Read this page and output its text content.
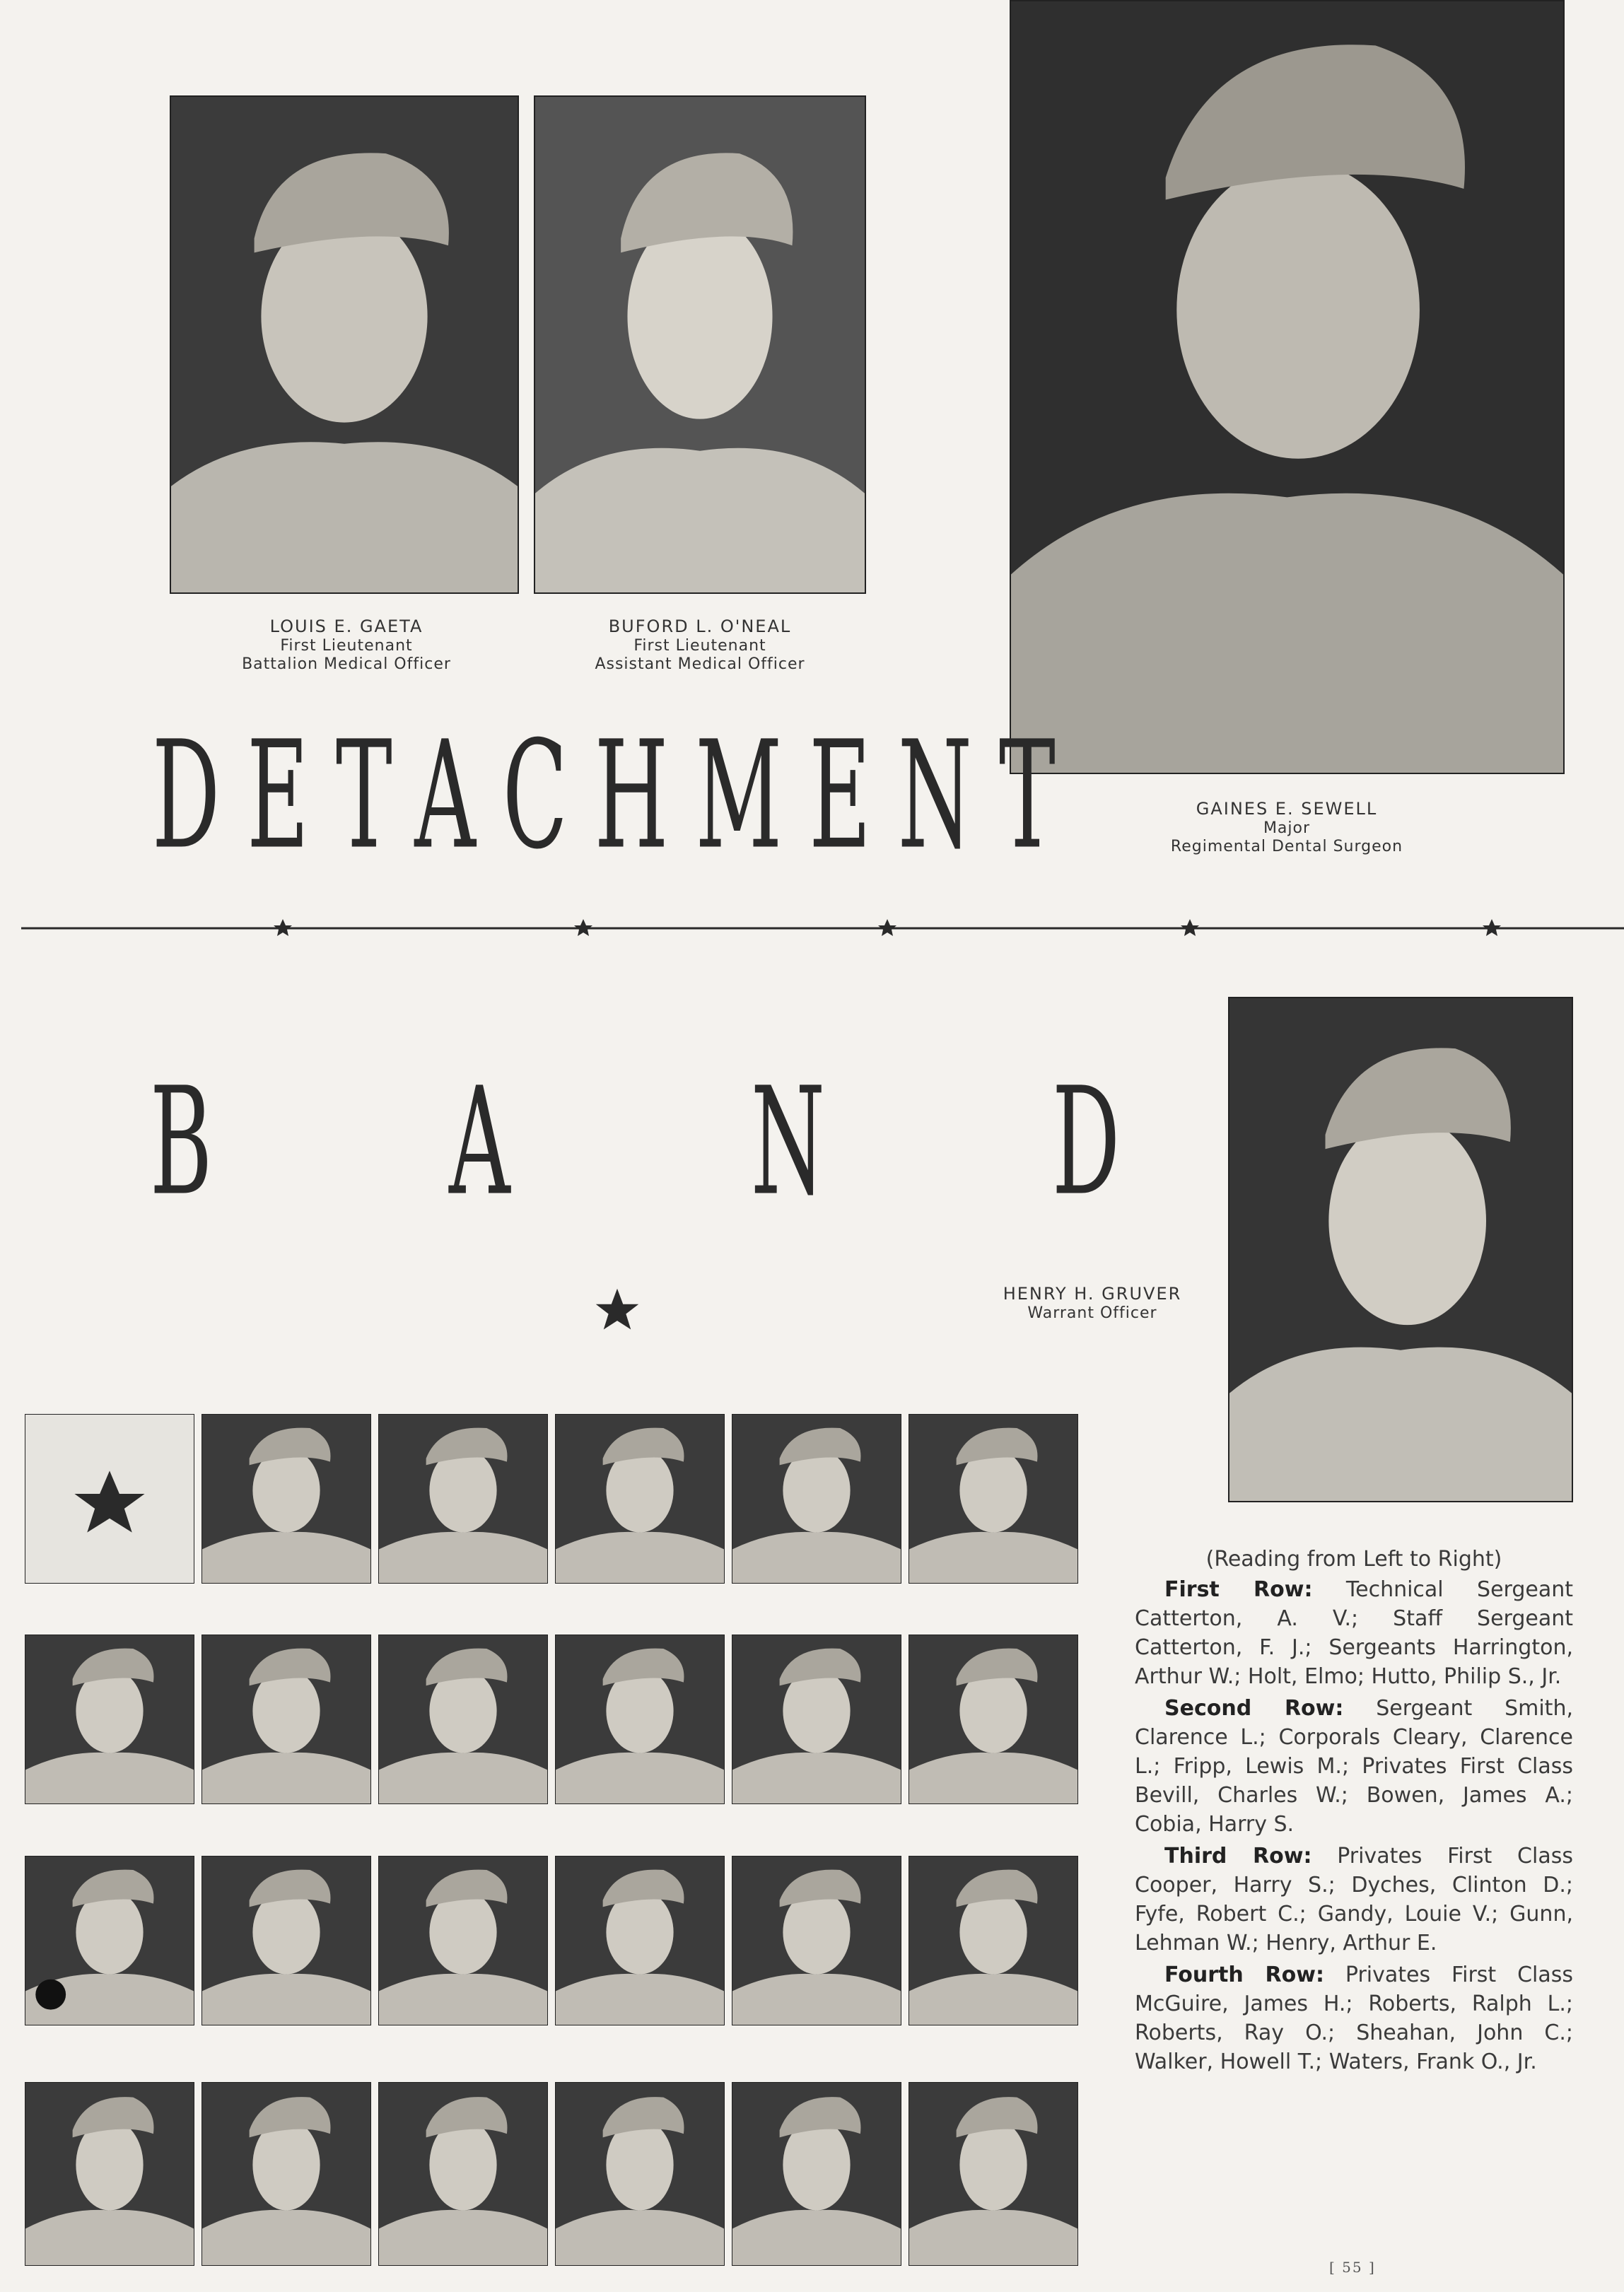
LOUIS E. GAETA
First Lieutenant
Battalion Medical Officer
BUFORD L. O'NEAL
First Lieutenant
Assistant Medical Officer
GAINES E. SEWELL
Major
Regimental Dental Surgeon
HENRY H. GRUVER
Warrant Officer
DETACHMENT
B	A	N	D

(Reading from Left to Right)

First Row: Technical Sergeant Catterton, A. V.; Staff Sergeant Catterton, F. J.; Sergeants Harrington, Arthur W.; Holt, Elmo; Hutto, Philip S., Jr.

Second Row: Sergeant Smith, Clarence L.; Corporals Cleary, Clarence L.; Fripp, Lewis M.; Privates First Class Bevill, Charles W.; Bowen, James A.; Cobia, Harry S.

Third Row: Privates First Class Cooper, Harry S.; Dyches, Clinton D.; Fyfe, Robert C.; Gandy, Louie V.; Gunn, Lehman W.; Henry, Arthur E.

Fourth Row: Privates First Class McGuire, James H.; Roberts, Ralph L.; Roberts, Ray O.; Sheahan, John C.; Walker, Howell T.; Waters, Frank O., Jr.

[ 55 ]
